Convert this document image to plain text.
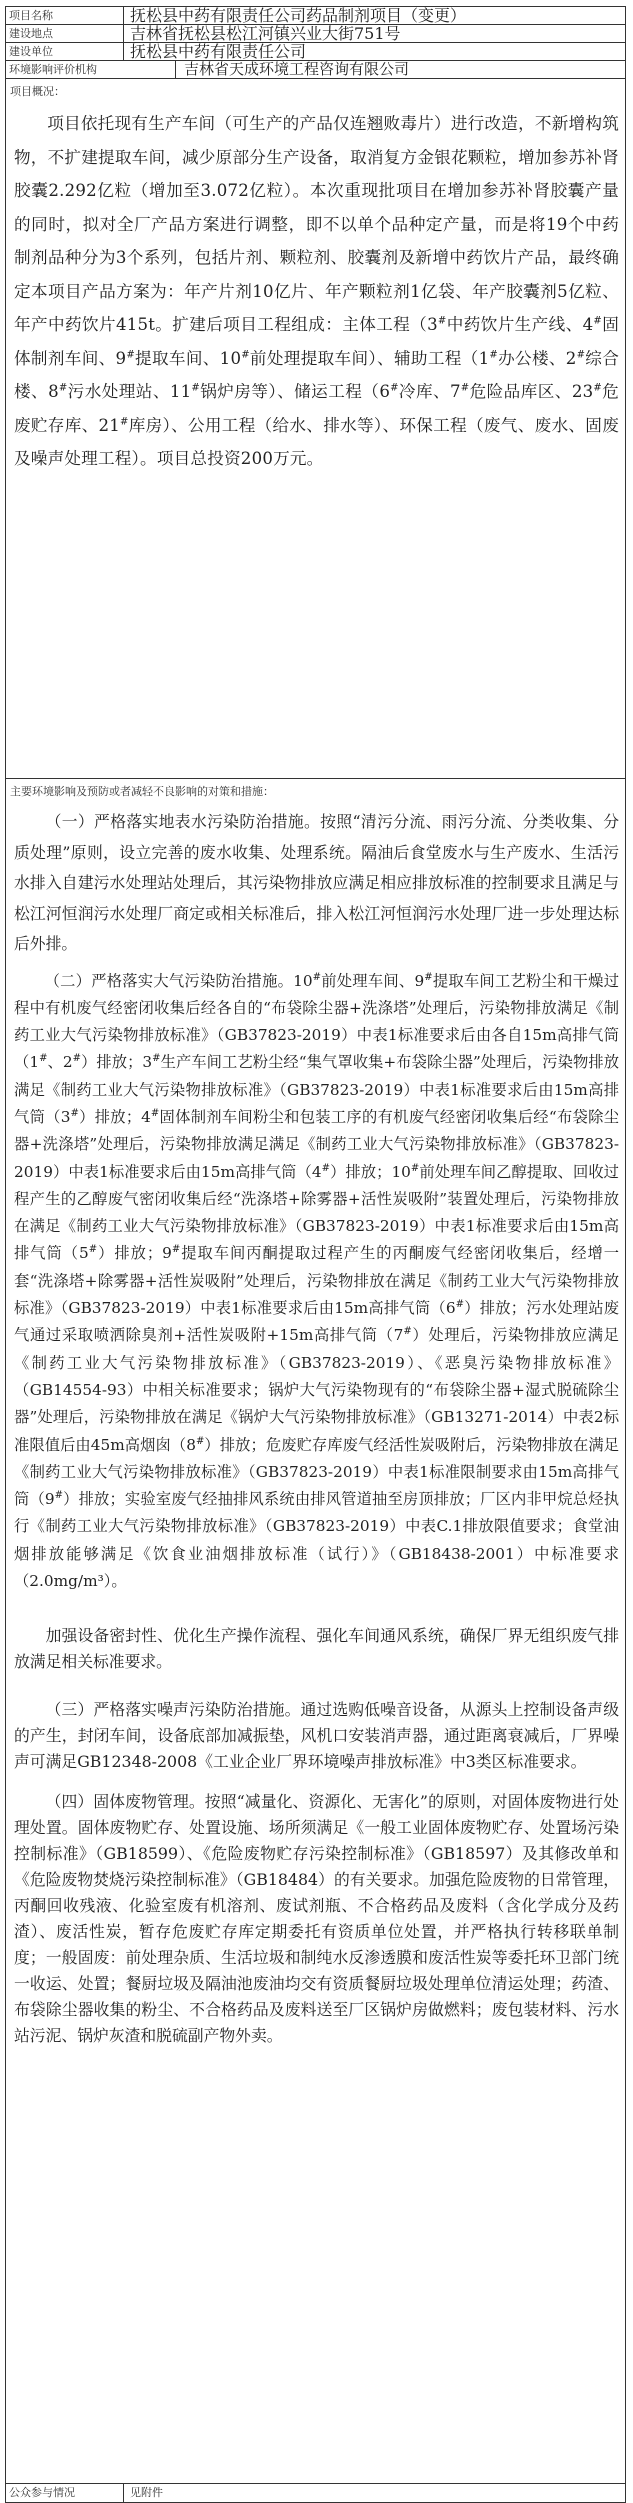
项目名称	抚松县中药有限责任公司药品制剂项目（变更）
建设地点	吉林省抚松县松江河镇兴业大街751号
建设单位	抚松县中药有限责任公司
环境影响评价机构	吉林省天成环境工程咨询有限公司
项目概况：

项目依托现有生产车间（可生产的产品仅连翘败毒片）进行改造，不新增构筑物，不扩建提取车间，减少原部分生产设备，取消复方金银花颗粒，增加参苏补肾胶囊2.292亿粒（增加至3.072亿粒）。本次重现批项目在增加参苏补肾胶囊产量的同时，拟对全厂产品方案进行调整，即不以单个品种定产量，而是将19个中药制剂品种分为3个系列，包括片剂、颗粒剂、胶囊剂及新增中药饮片产品，最终确定本项目产品方案为：年产片剂10亿片、年产颗粒剂1亿袋、年产胶囊剂5亿粒、年产中药饮片415t。扩建后项目工程组成：主体工程（3#中药饮片生产线、4#固体制剂车间、9#提取车间、10#前处理提取车间）、辅助工程（1#办公楼、2#综合楼、8#污水处理站、11#锅炉房等）、储运工程（6#冷库、7#危险品库区、23#危废贮存库、21#库房）、公用工程（给水、排水等）、环保工程（废气、废水、固废及噪声处理工程）。项目总投资200万元。

主要环境影响及预防或者减轻不良影响的对策和措施：

（一）严格落实地表水污染防治措施。按照“清污分流、雨污分流、分类收集、分质处理”原则，设立完善的废水收集、处理系统。隔油后食堂废水与生产废水、生活污水排入自建污水处理站处理后，其污染物排放应满足相应排放标准的控制要求且满足与松江河恒润污水处理厂商定或相关标准后，排入松江河恒润污水处理厂进一步处理达标后外排。

（二）严格落实大气污染防治措施。10#前处理车间、9#提取车间工艺粉尘和干燥过程中有机废气经密闭收集后经各自的“布袋除尘器+洗涤塔”处理后，污染物排放满足《制药工业大气污染物排放标准》（GB37823-2019）中表1标准要求后由各自15m高排气筒（1#、2#）排放；3#生产车间工艺粉尘经“集气罩收集+布袋除尘器”处理后，污染物排放满足《制药工业大气污染物排放标准》（GB37823-2019）中表1标准要求后由15m高排气筒（3#）排放；4#固体制剂车间粉尘和包装工序的有机废气经密闭收集后经“布袋除尘器+洗涤塔”处理后，污染物排放满足满足《制药工业大气污染物排放标准》（GB37823-2019）中表1标准要求后由15m高排气筒（4#）排放；10#前处理车间乙醇提取、回收过程产生的乙醇废气密闭收集后经“洗涤塔+除雾器+活性炭吸附”装置处理后，污染物排放在满足《制药工业大气污染物排放标准》（GB37823-2019）中表1标准要求后由15m高排气筒（5#）排放；9#提取车间丙酮提取过程产生的丙酮废气经密闭收集后，经增一套“洗涤塔+除雾器+活性炭吸附”处理后，污染物排放在满足《制药工业大气污染物排放标准》（GB37823-2019）中表1标准要求后由15m高排气筒（6#）排放；污水处理站废气通过采取喷洒除臭剂+活性炭吸附+15m高排气筒（7#）处理后，污染物排放应满足《制药工业大气污染物排放标准》（GB37823-2019）、《恶臭污染物排放标准》（GB14554-93）中相关标准要求；锅炉大气污染物现有的“布袋除尘器+湿式脱硫除尘器”处理后，污染物排放在满足《锅炉大气污染物排放标准》（GB13271-2014）中表2标准限值后由45m高烟囱（8#）排放；危废贮存库废气经活性炭吸附后，污染物排放在满足《制药工业大气污染物排放标准》（GB37823-2019）中表1标准限制要求由15m高排气筒（9#）排放；实验室废气经抽排风系统由排风管道抽至房顶排放；厂区内非甲烷总烃执行《制药工业大气污染物排放标准》（GB37823-2019）中表C.1排放限值要求；食堂油烟排放能够满足《饮食业油烟排放标准（试行）》（GB18438-2001）中标准要求（2.0mg/m³）。

加强设备密封性、优化生产操作流程、强化车间通风系统，确保厂界无组织废气排放满足相关标准要求。

（三）严格落实噪声污染防治措施。通过选购低噪音设备，从源头上控制设备声级的产生，封闭车间，设备底部加减振垫，风机口安装消声器，通过距离衰减后，厂界噪声可满足GB12348-2008《工业企业厂界环境噪声排放标准》中3类区标准要求。

（四）固体废物管理。按照“减量化、资源化、无害化”的原则，对固体废物进行处理处置。固体废物贮存、处置设施、场所须满足《一般工业固体废物贮存、处置场污染控制标准》（GB18599）、《危险废物贮存污染控制标准》（GB18597）及其修改单和《危险废物焚烧污染控制标准》（GB18484）的有关要求。加强危险废物的日常管理，丙酮回收残液、化验室废有机溶剂、废试剂瓶、不合格药品及废料（含化学成分及药渣）、废活性炭，暂存危废贮存库定期委托有资质单位处置，并严格执行转移联单制度；一般固废：前处理杂质、生活垃圾和制纯水反渗透膜和废活性炭等委托环卫部门统一收运、处置；餐厨垃圾及隔油池废油均交有资质餐厨垃圾处理单位清运处理；药渣、布袋除尘器收集的粉尘、不合格药品及废料送至厂区锅炉房做燃料；废包装材料、污水站污泥、锅炉灰渣和脱硫副产物外卖。

公众参与情况	见附件
